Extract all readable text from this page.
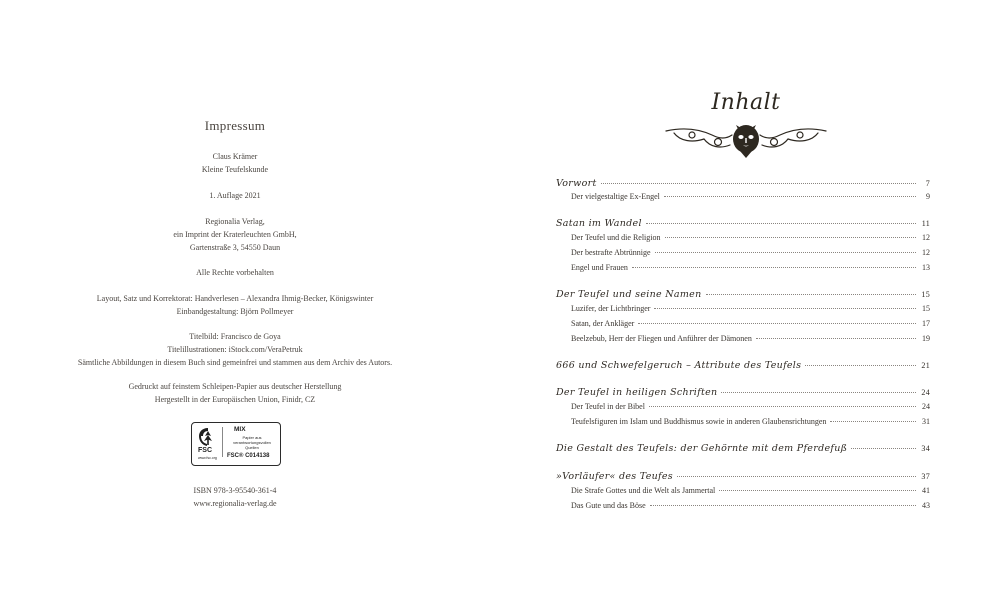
Impressum
Claus Krämer
Kleine Teufelskunde
1. Auflage 2021
Regionalia Verlag,
ein Imprint der Kraterleuchten GmbH,
Gartenstraße 3, 54550 Daun
Alle Rechte vorbehalten
Layout, Satz und Korrektorat: Handverlesen – Alexandra Ihmig-Becker, Königswinter
Einbandgestaltung: Björn Pollmeyer
Titelbild: Francisco de Goya
Titelillustrationen: iStock.com/VeraPetruk
Sämtliche Abbildungen in diesem Buch sind gemeinfrei und stammen aus dem Archiv des Autors.
Gedruckt auf feinstem Schleipen-Papier aus deutscher Herstellung
Hergestellt in der Europäischen Union, Finidr, CZ
FSC
www.fsc.org
MIX
Papier aus verantwortungsvollen Quellen
FSC® C014138
ISBN 978-3-95540-361-4
www.regionalia-verlag.de
Inhalt
Vorwort	7
Der vielgestaltige Ex-Engel	9
Satan im Wandel	11
Der Teufel und die Religion	12
Der bestrafte Abtrünnige	12
Engel und Frauen	13
Der Teufel und seine Namen	15
Luzifer, der Lichtbringer	15
Satan, der Ankläger	17
Beelzebub, Herr der Fliegen und Anführer der Dämonen	19
666 und Schwefelgeruch – Attribute des Teufels	21
Der Teufel in heiligen Schriften	24
Der Teufel in der Bibel	24
Teufelsfiguren im Islam und Buddhismus sowie in anderen Glaubensrichtungen	31
Die Gestalt des Teufels: der Gehörnte mit dem Pferdefuß	34
»Vorläufer« des Teufes	37
Die Strafe Gottes und die Welt als Jammertal	41
Das Gute und das Böse	43
